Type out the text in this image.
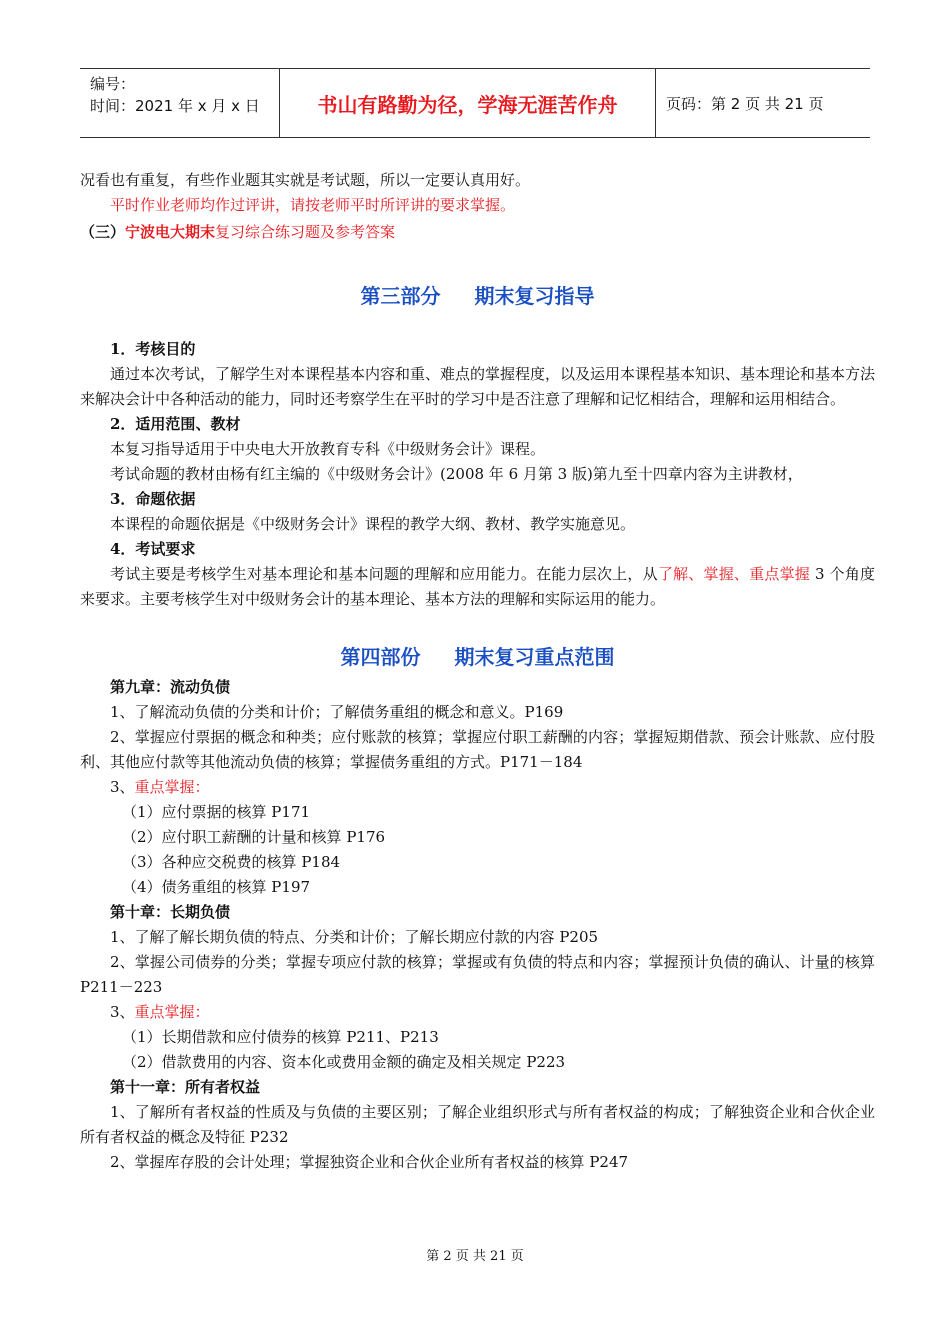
编号：
时间：2021 年 x 月 x 日	书山有路勤为径，学海无涯苦作舟	页码：第 2 页 共 21 页

况看也有重复，有些作业题其实就是考试题，所以一定要认真用好。

平时作业老师均作过评讲，请按老师平时所评讲的要求掌握。

（三）宁波电大期末复习综合练习题及参考答案

第三部分 期末复习指导

1．考核目的

通过本次考试，了解学生对本课程基本内容和重、难点的掌握程度，以及运用本课程基本知识、基本理论和基本方法来解决会计中各种活动的能力，同时还考察学生在平时的学习中是否注意了理解和记忆相结合，理解和运用相结合。

2．适用范围、教材

本复习指导适用于中央电大开放教育专科《中级财务会计》课程。

考试命题的教材由杨有红主编的《中级财务会计》(2008 年 6 月第 3 版)第九至十四章内容为主讲教材，

3．命题依据

本课程的命题依据是《中级财务会计》课程的教学大纲、教材、教学实施意见。

4．考试要求

考试主要是考核学生对基本理论和基本问题的理解和应用能力。在能力层次上，从了解、掌握、重点掌握 3 个角度来要求。主要考核学生对中级财务会计的基本理论、基本方法的理解和实际运用的能力。

第四部份 期末复习重点范围

第九章：流动负债

1、了解流动负债的分类和计价；了解债务重组的概念和意义。P169

2、掌握应付票据的概念和种类；应付账款的核算；掌握应付职工薪酬的内容；掌握短期借款、预会计账款、应付股利、其他应付款等其他流动负债的核算；掌握债务重组的方式。P171－184

3、重点掌握：

（1）应付票据的核算 P171

（2）应付职工薪酬的计量和核算 P176

（3）各种应交税费的核算 P184

（4）债务重组的核算 P197

第十章：长期负债

1、了解了解长期负债的特点、分类和计价；了解长期应付款的内容 P205

2、掌握公司债券的分类；掌握专项应付款的核算；掌握或有负债的特点和内容；掌握预计负债的确认、计量的核算 P211－223

3、重点掌握：

（1）长期借款和应付债券的核算 P211、P213

（2）借款费用的内容、资本化或费用金额的确定及相关规定 P223

第十一章：所有者权益

1、了解所有者权益的性质及与负债的主要区别；了解企业组织形式与所有者权益的构成；了解独资企业和合伙企业所有者权益的概念及特征 P232

2、掌握库存股的会计处理；掌握独资企业和合伙企业所有者权益的核算 P247

第 2 页 共 21 页
